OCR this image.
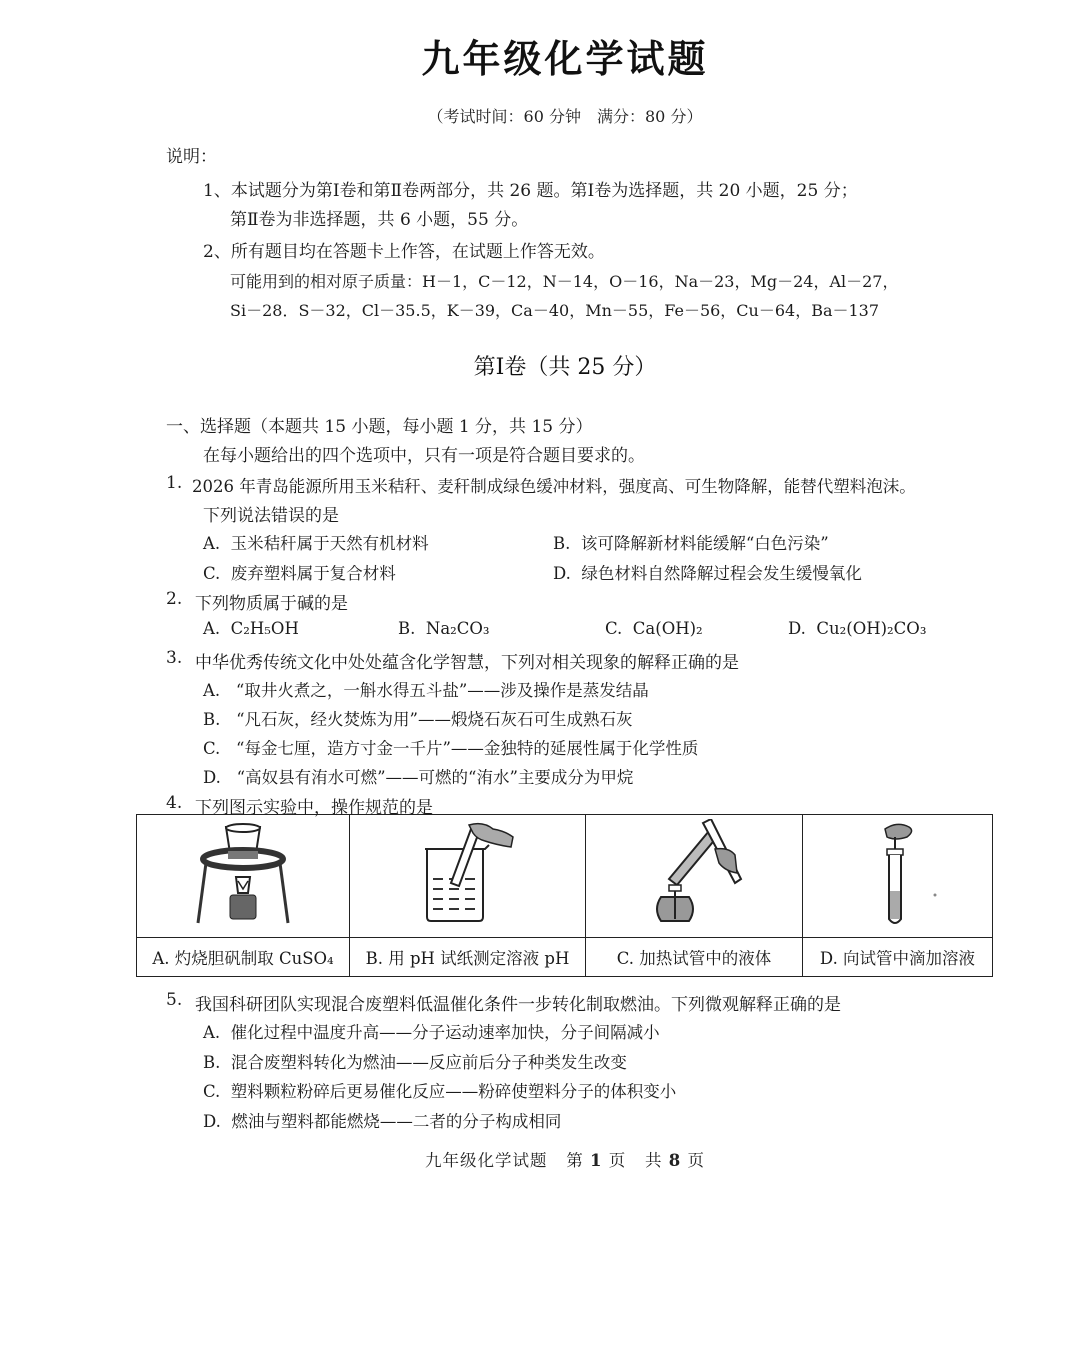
九年级化学试题
（考试时间：60 分钟　满分：80 分）
说明：
1、本试题分为第Ⅰ卷和第Ⅱ卷两部分，共 26 题。第Ⅰ卷为选择题，共 20 小题，25 分；
第Ⅱ卷为非选择题，共 6 小题，55 分。
2、所有题目均在答题卡上作答，在试题上作答无效。
可能用到的相对原子质量：H－1，C－12，N－14，O－16，Na－23，Mg－24，Al－27，
Si－28．S－32，Cl－35.5，K－39，Ca－40，Mn－55，Fe－56，Cu－64，Ba－137
第Ⅰ卷（共 25 分）
一、选择题（本题共 15 小题，每小题 1 分，共 15 分）
在每小题给出的四个选项中，只有一项是符合题目要求的。
1. 2026 年青岛能源所用玉米秸秆、麦秆制成绿色缓冲材料，强度高、可生物降解，能替代塑料泡沫。
下列说法错误的是
A. 玉米秸秆属于天然有机材料	B. 该可降解新材料能缓解“白色污染”
C. 废弃塑料属于复合材料	D. 绿色材料自然降解过程会发生缓慢氧化
2. 下列物质属于碱的是
A. C₂H₅OH	B. Na₂CO₃	C. Ca(OH)₂	D. Cu₂(OH)₂CO₃
3. 中华优秀传统文化中处处蕴含化学智慧，下列对相关现象的解释正确的是
A. “取井火煮之，一斛水得五斗盐”——涉及操作是蒸发结晶
B. “凡石灰，经火焚炼为用”——煅烧石灰石可生成熟石灰
C. “每金七厘，造方寸金一千片”——金独特的延展性属于化学性质
D. “高奴县有洧水可燃”——可燃的“洧水”主要成分为甲烷
4. 下列图示实验中，操作规范的是

A. 灼烧胆矾制取 CuSO₄	B. 用 pH 试纸测定溶液 pH	C. 加热试管中的液体	D. 向试管中滴加溶液
5. 我国科研团队实现混合废塑料低温催化条件一步转化制取燃油。下列微观解释正确的是
A. 催化过程中温度升高——分子运动速率加快，分子间隔减小
B. 混合废塑料转化为燃油——反应前后分子种类发生改变
C. 塑料颗粒粉碎后更易催化反应——粉碎使塑料分子的体积变小
D. 燃油与塑料都能燃烧——二者的分子构成相同
九年级化学试题 第 1 页 共 8 页
